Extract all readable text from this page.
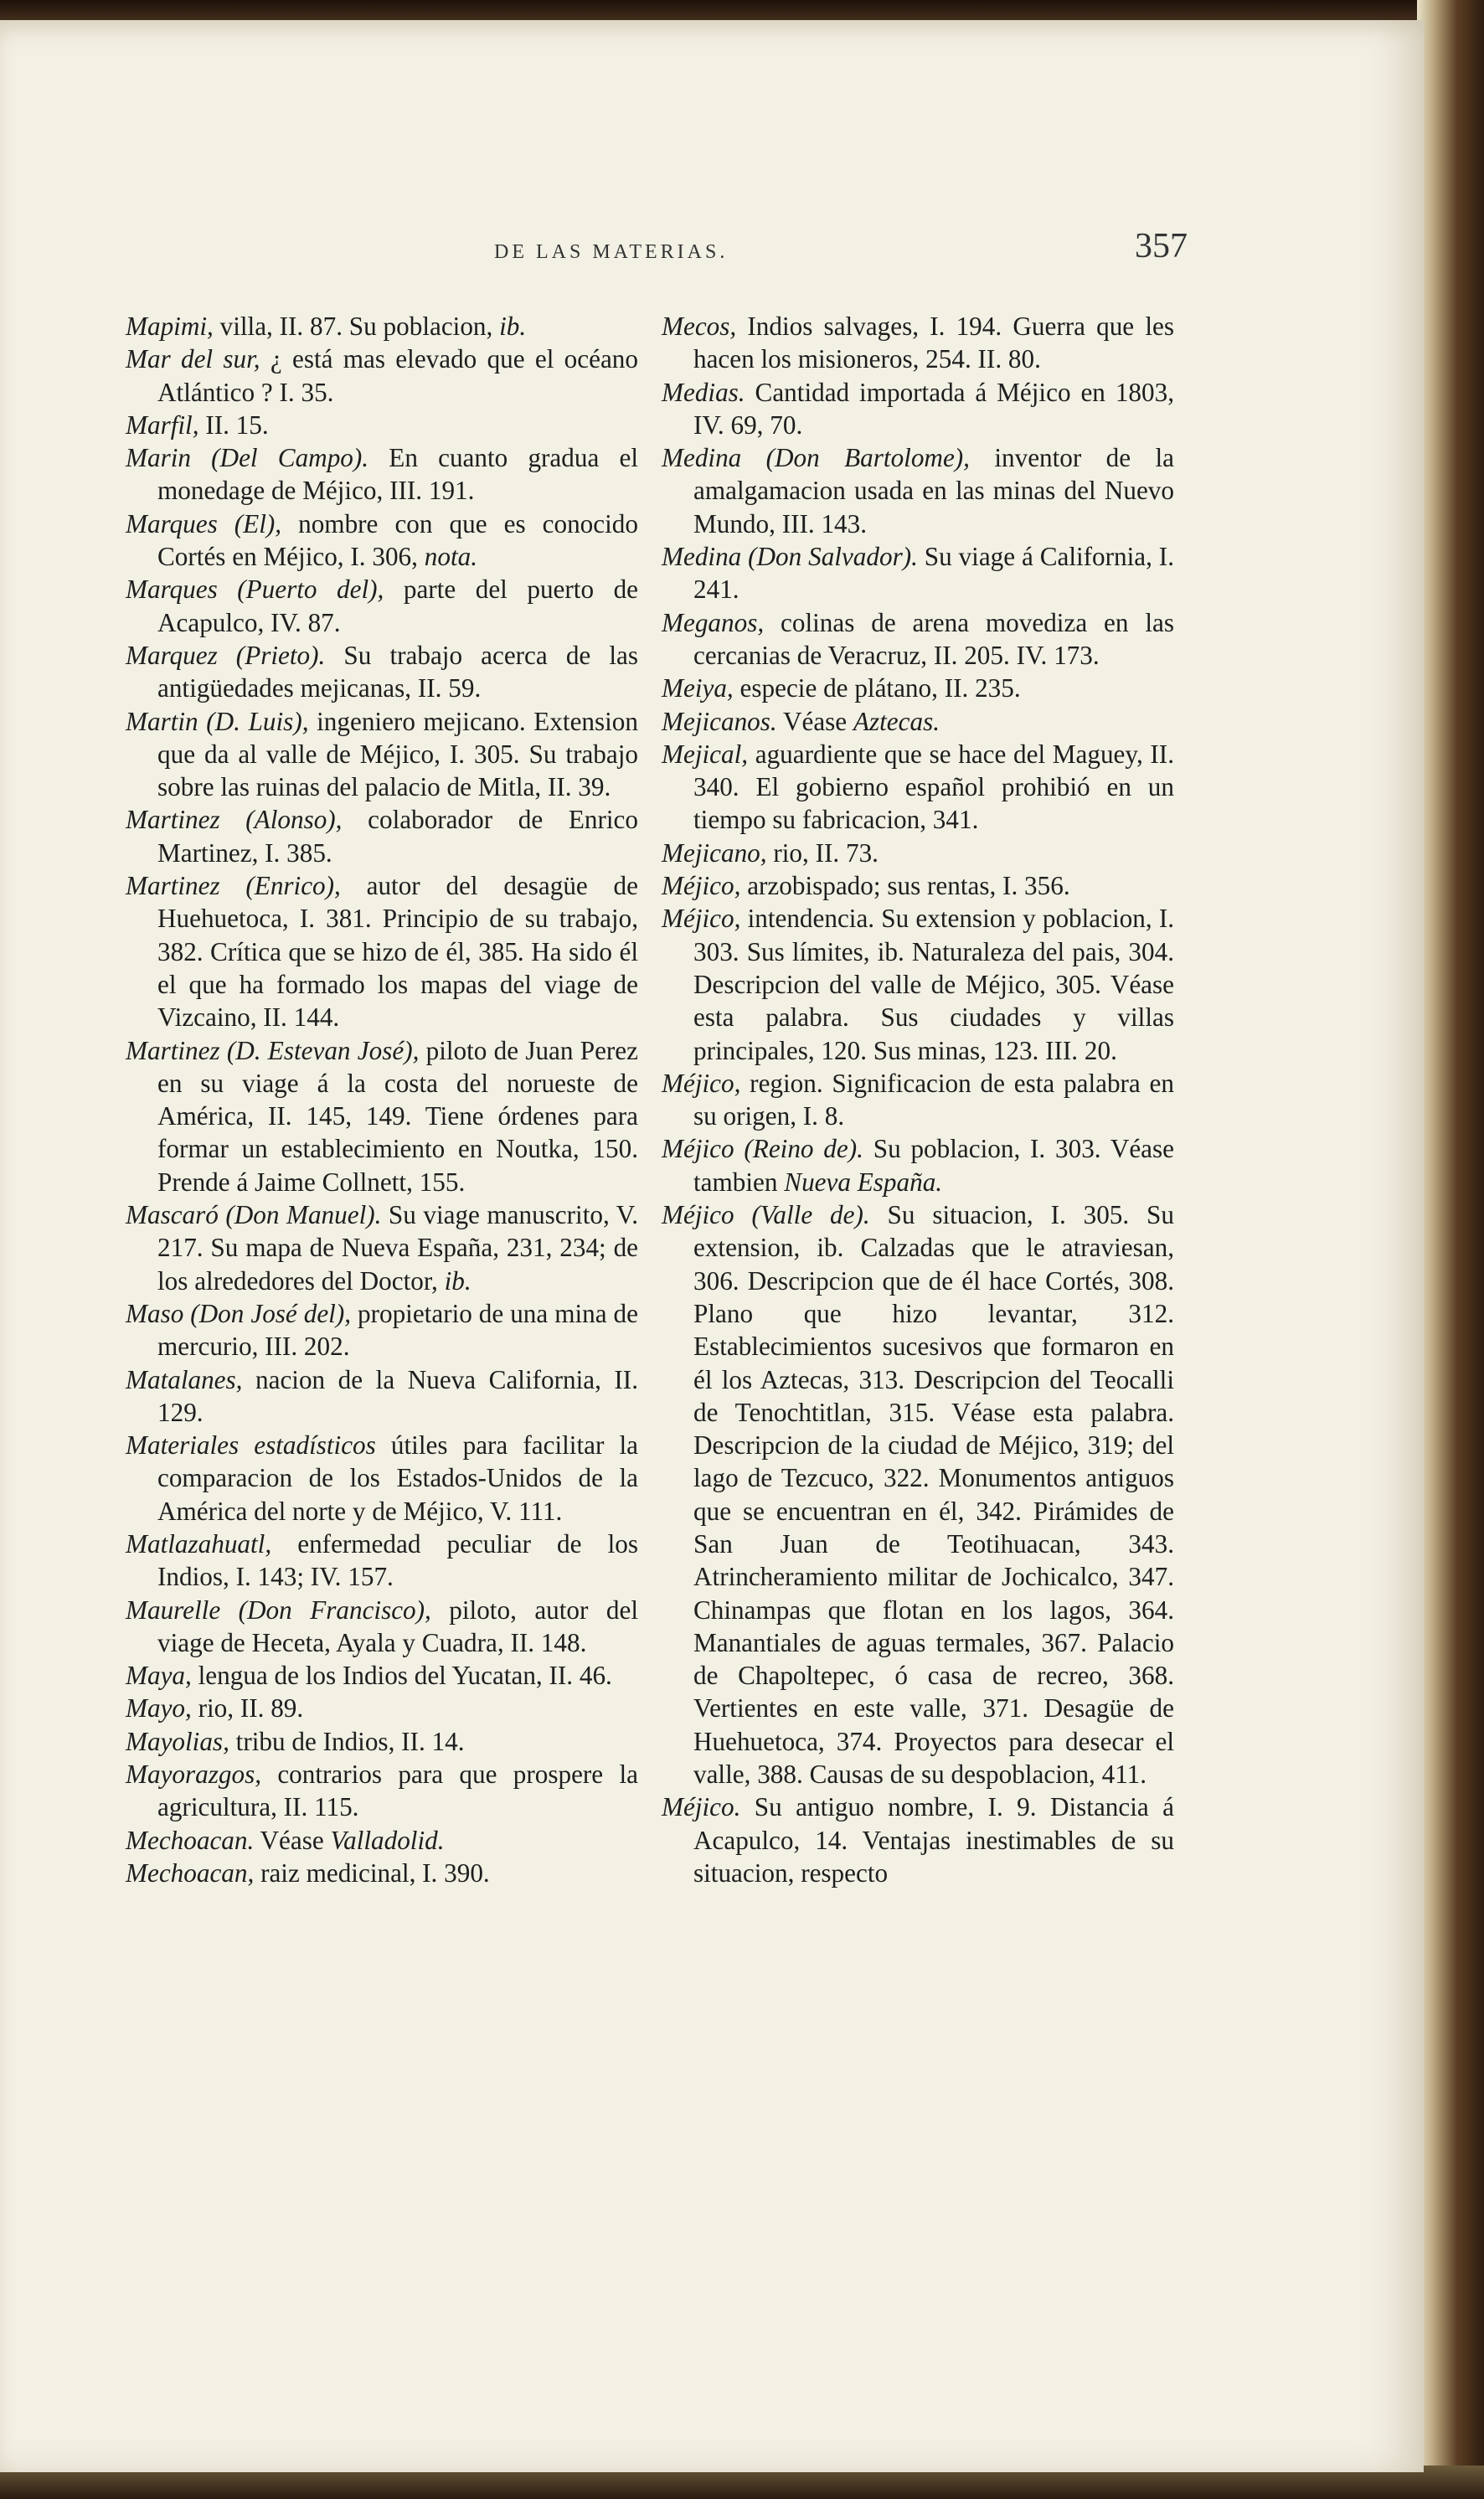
DE LAS MATERIAS.	357

Mapimi, villa, II. 87. Su poblacion, ib.

Mar del sur, ¿ está mas elevado que el océano Atlántico ? I. 35.

Marfil, II. 15.

Marin (Del Campo). En cuanto gradua el monedage de Méjico, III. 191.

Marques (El), nombre con que es conocido Cortés en Méjico, I. 306, nota.

Marques (Puerto del), parte del puerto de Acapulco, IV. 87.

Marquez (Prieto). Su trabajo acerca de las antigüedades mejicanas, II. 59.

Martin (D. Luis), ingeniero mejicano. Extension que da al valle de Méjico, I. 305. Su trabajo sobre las ruinas del palacio de Mitla, II. 39.

Martinez (Alonso), colaborador de Enrico Martinez, I. 385.

Martinez (Enrico), autor del desagüe de Huehuetoca, I. 381. Principio de su trabajo, 382. Crítica que se hizo de él, 385. Ha sido él el que ha formado los mapas del viage de Vizcaino, II. 144.

Martinez (D. Estevan José), piloto de Juan Perez en su viage á la costa del norueste de América, II. 145, 149. Tiene órdenes para formar un establecimiento en Noutka, 150. Prende á Jaime Collnett, 155.

Mascaró (Don Manuel). Su viage manuscrito, V. 217. Su mapa de Nueva España, 231, 234; de los alrededores del Doctor, ib.

Maso (Don José del), propietario de una mina de mercurio, III. 202.

Matalanes, nacion de la Nueva California, II. 129.

Materiales estadísticos útiles para facilitar la comparacion de los Estados-Unidos de la América del norte y de Méjico, V. 111.

Matlazahuatl, enfermedad peculiar de los Indios, I. 143; IV. 157.

Maurelle (Don Francisco), piloto, autor del viage de Heceta, Ayala y Cuadra, II. 148.

Maya, lengua de los Indios del Yucatan, II. 46.

Mayo, rio, II. 89.

Mayolias, tribu de Indios, II. 14.

Mayorazgos, contrarios para que prospere la agricultura, II. 115.

Mechoacan. Véase Valladolid.

Mechoacan, raiz medicinal, I. 390.

Mecos, Indios salvages, I. 194. Guerra que les hacen los misioneros, 254. II. 80.

Medias. Cantidad importada á Méjico en 1803, IV. 69, 70.

Medina (Don Bartolome), inventor de la amalgamacion usada en las minas del Nuevo Mundo, III. 143.

Medina (Don Salvador). Su viage á California, I. 241.

Meganos, colinas de arena movediza en las cercanias de Veracruz, II. 205. IV. 173.

Meiya, especie de plátano, II. 235.

Mejicanos. Véase Aztecas.

Mejical, aguardiente que se hace del Maguey, II. 340. El gobierno español prohibió en un tiempo su fabricacion, 341.

Mejicano, rio, II. 73.

Méjico, arzobispado; sus rentas, I. 356.

Méjico, intendencia. Su extension y poblacion, I. 303. Sus límites, ib. Naturaleza del pais, 304. Descripcion del valle de Méjico, 305. Véase esta palabra. Sus ciudades y villas principales, 120. Sus minas, 123. III. 20.

Méjico, region. Significacion de esta palabra en su origen, I. 8.

Méjico (Reino de). Su poblacion, I. 303. Véase tambien Nueva España.

Méjico (Valle de). Su situacion, I. 305. Su extension, ib. Calzadas que le atraviesan, 306. Descripcion que de él hace Cortés, 308. Plano que hizo levantar, 312. Establecimientos sucesivos que formaron en él los Aztecas, 313. Descripcion del Teocalli de Tenochtitlan, 315. Véase esta palabra. Descripcion de la ciudad de Méjico, 319; del lago de Tezcuco, 322. Monumentos antiguos que se encuentran en él, 342. Pirámides de San Juan de Teotihuacan, 343. Atrincheramiento militar de Jochicalco, 347. Chinampas que flotan en los lagos, 364. Manantiales de aguas termales, 367. Palacio de Chapoltepec, ó casa de recreo, 368. Vertientes en este valle, 371. Desagüe de Huehuetoca, 374. Proyectos para desecar el valle, 388. Causas de su despoblacion, 411.

Méjico. Su antiguo nombre, I. 9. Distancia á Acapulco, 14. Ventajas inestimables de su situacion, respecto
